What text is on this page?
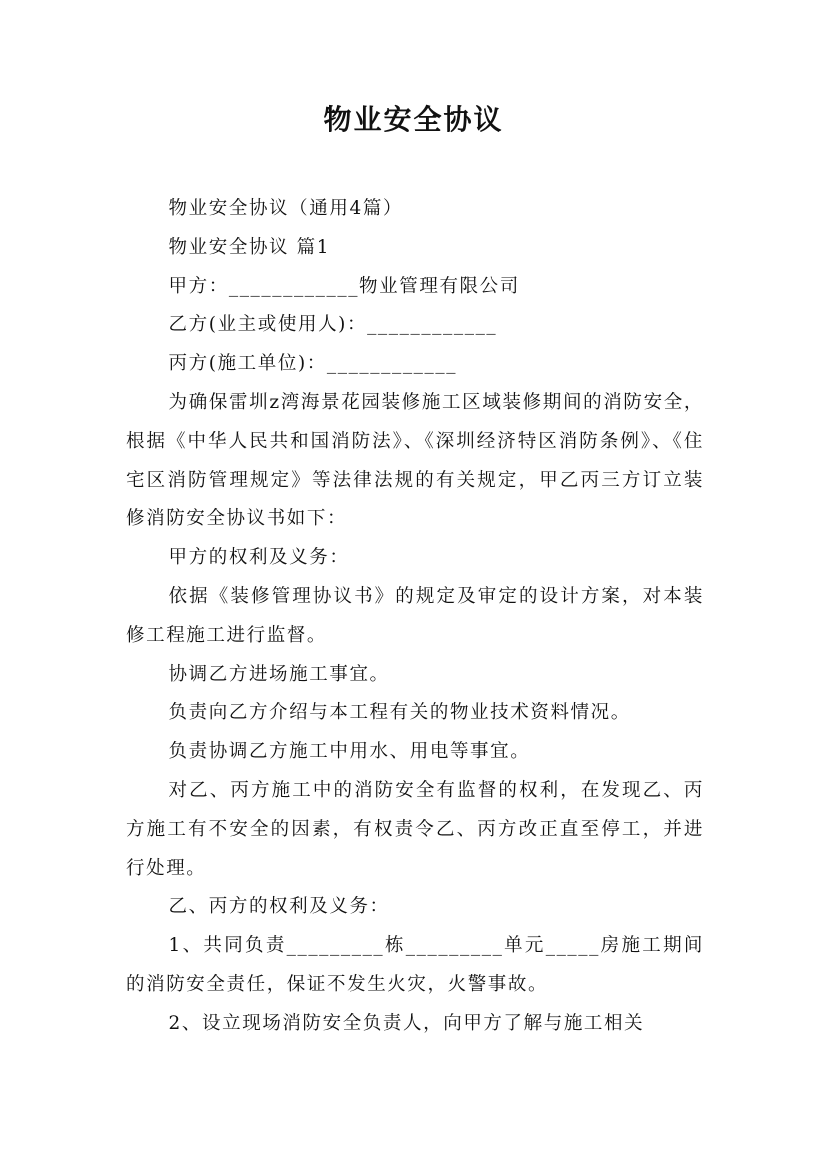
物业安全协议

物业安全协议（通用4篇）

物业安全协议 篇1

甲方：____________物业管理有限公司

乙方(业主或使用人)：____________

丙方(施工单位)：____________

为确保雷圳z湾海景花园装修施工区域装修期间的消防安全，根据《中华人民共和国消防法》、《深圳经济特区消防条例》、《住宅区消防管理规定》等法律法规的有关规定，甲乙丙三方订立装修消防安全协议书如下：

甲方的权利及义务：

依据《装修管理协议书》的规定及审定的设计方案，对本装修工程施工进行监督。

协调乙方进场施工事宜。

负责向乙方介绍与本工程有关的物业技术资料情况。

负责协调乙方施工中用水、用电等事宜。

对乙、丙方施工中的消防安全有监督的权利，在发现乙、丙方施工有不安全的因素，有权责令乙、丙方改正直至停工，并进行处理。

乙、丙方的权利及义务：

1、共同负责_________栋_________单元_____房施工期间的消防安全责任，保证不发生火灾，火警事故。

2、设立现场消防安全负责人，向甲方了解与施工相关
